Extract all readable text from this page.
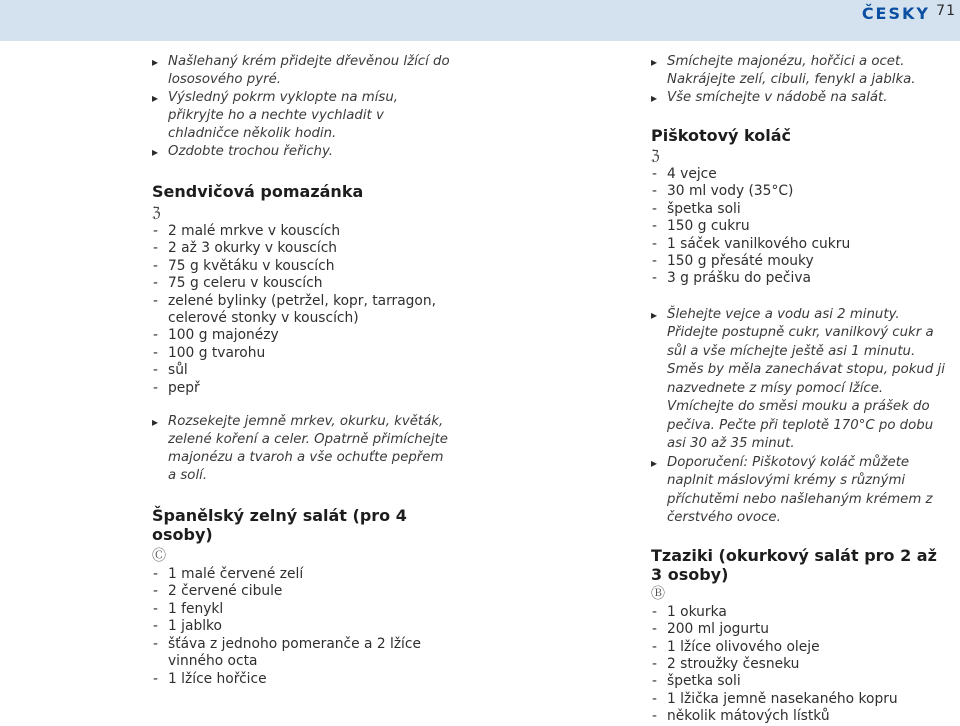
ČESKY 71
▸ Našlehaný krém přidejte dřevěnou lžící do lososového pyré.
▸ Výsledný pokrm vyklopte na mísu, přikryjte ho a nechte vychladit v chladničce několik hodin.
▸ Ozdobte trochou řeřichy.
Sendvičová pomazánka
ℨ
- 2 malé mrkve v kouscích
- 2 až 3 okurky v kouscích
- 75 g květáku v kouscích
- 75 g celeru v kouscích
- zelené bylinky (petržel, kopr, tarragon, celerové stonky v kouscích)
- 100 g majonézy
- 100 g tvarohu
- sůl
- pepř
▸ Rozsekejte jemně mrkev, okurku, květák, zelené koření a celer. Opatrně přimíchejte majonézu a tvaroh a vše ochuťte pepřem a solí.
Španělský zelný salát (pro 4 osoby)
Ⓒ
- 1 malé červené zelí
- 2 červené cibule
- 1 fenykl
- 1 jablko
- šťáva z jednoho pomeranče a 2 lžíce vinného octa
- 1 lžíce hořčice
▸ Smíchejte majonézu, hořčici a ocet. Nakrájejte zelí, cibuli, fenykl a jablka.
▸ Vše smíchejte v nádobě na salát.
Piškotový koláč
ℨ
- 4 vejce
- 30 ml vody (35°C)
- špetka soli
- 150 g cukru
- 1 sáček vanilkového cukru
- 150 g přesáté mouky
- 3 g prášku do pečiva
▸ Šlehejte vejce a vodu asi 2 minuty. Přidejte postupně cukr, vanilkový cukr a sůl a vše míchejte ještě asi 1 minutu. Směs by měla zanechávat stopu, pokud ji nazvednete z mísy pomocí lžíce. Vmíchejte do směsi mouku a prášek do pečiva. Pečte při teplotě 170°C po dobu asi 30 až 35 minut.
▸ Doporučení: Piškotový koláč můžete naplnit máslovými krémy s různými příchutěmi nebo našlehaným krémem z čerstvého ovoce.
Tzaziki (okurkový salát pro 2 až 3 osoby)
Ⓑ
- 1 okurka
- 200 ml jogurtu
- 1 lžíce olivového oleje
- 2 stroužky česneku
- špetka soli
- 1 lžička jemně nasekaného kopru
- několik mátových lístků
